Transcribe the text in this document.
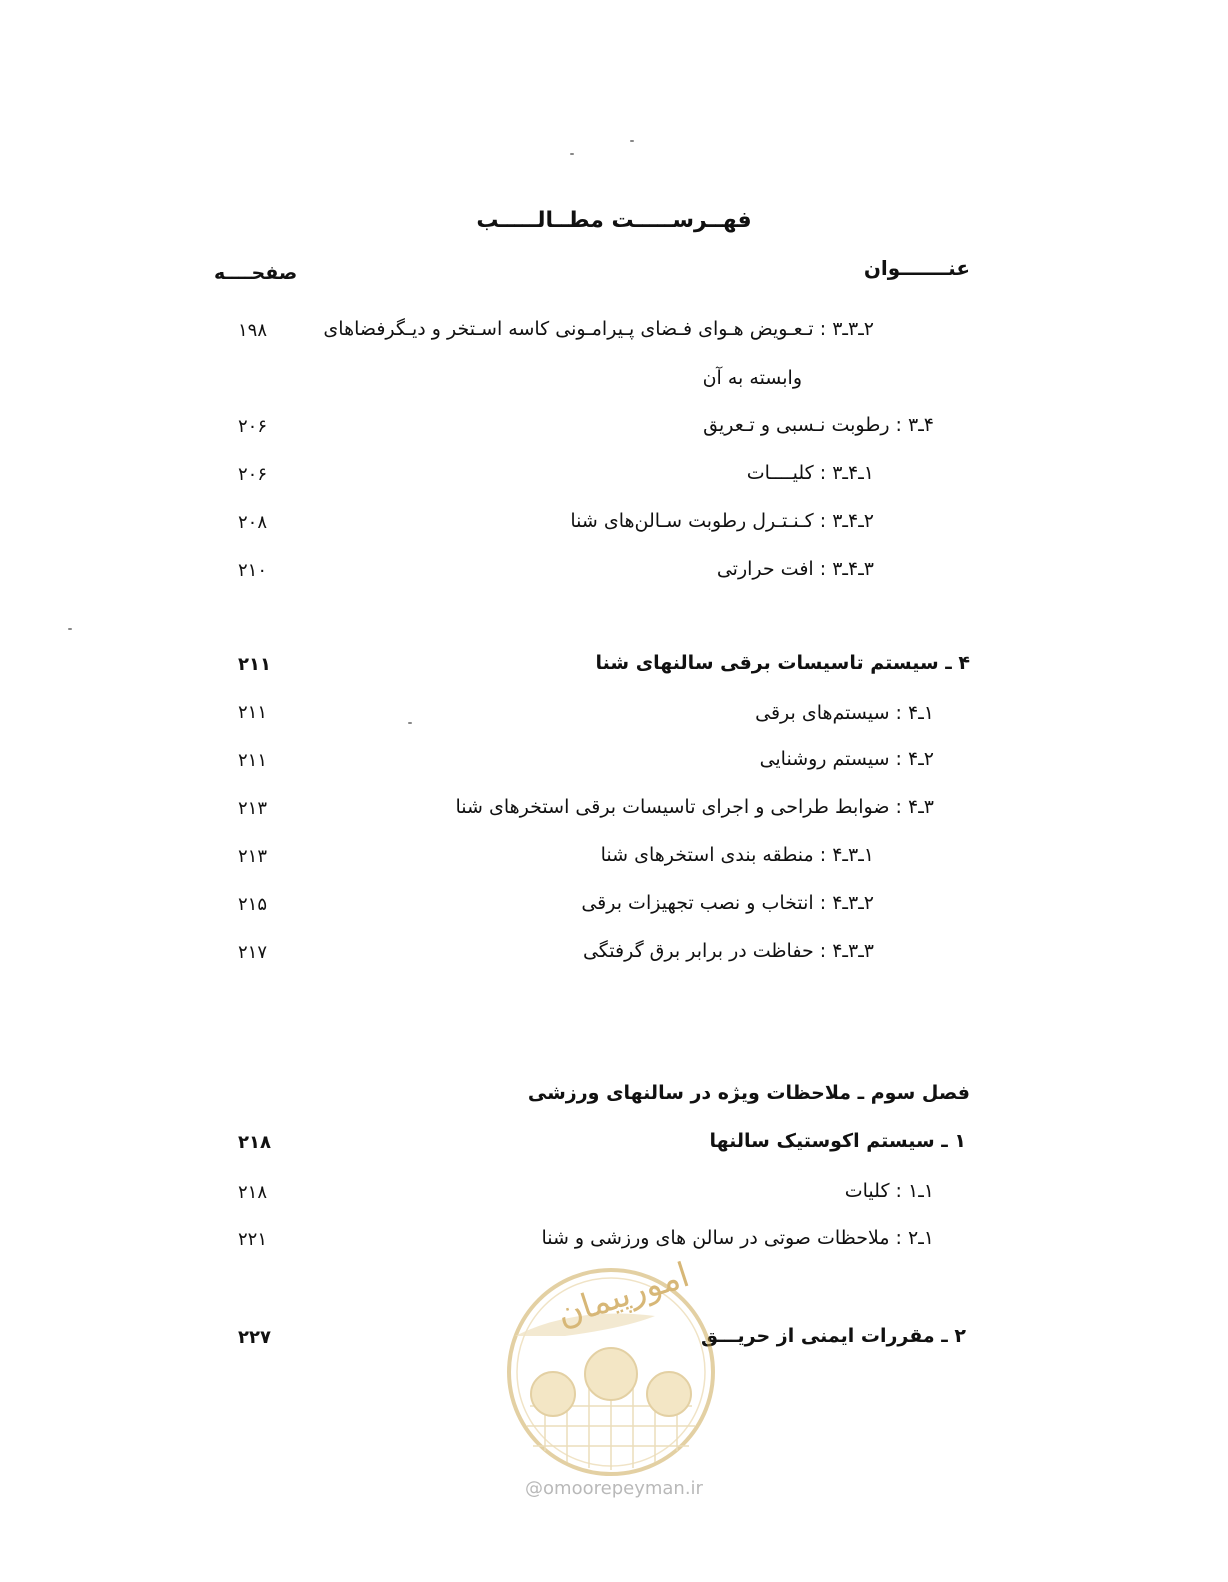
فهــرســـــت مطــالـــــب
عنـــــــوان
صفحــــه
۲ـ۳ـ۳ : تـعـویض هـوای فـضای پـیرامـونی کاسه اسـتخر و دیـگرفضاهای
وابسته به آن
۴ـ۳ : رطوبت نـسبی و تـعریق
۱ـ۴ـ۳ : کلیــــات
۲ـ۴ـ۳ : کـنـتـرل رطوبت سـالن‌های شنا
۳ـ۴ـ۳ : افت حرارتی
۴ ـ سیستم تاسیسات برقی سالنهای شنا
۱ـ۴ : سیستم‌های برقی
۲ـ۴ : سیستم روشنایی
۳ـ۴ : ضوابط طراحی و اجرای تاسیسات برقی استخرهای شنا
۱ـ۳ـ۴ : منطقه بندی استخرهای شنا
۲ـ۳ـ۴ : انتخاب و نصب تجهیزات برقی
۳ـ۳ـ۴ : حفاظت در برابر برق گرفتگی
فصل سوم ـ ملاحظات ویژه در سالنهای ورزشی
۱ ـ سیستم اکوستیک سالنها
۱ـ۱ : کلیات
۱ـ۲ : ملاحظات صوتی در سالن های ورزشی و شنا
۲ ـ مقررات ایمنی از حریـــق
۱۹۸
۲۰۶
۲۰۶
۲۰۸
۲۱۰
۲۱۱
۲۱۱
۲۱۱
۲۱۳
۲۱۳
۲۱۵
۲۱۷
۲۱۸
۲۱۸
۲۲۱
۲۲۷
امورپیمان
@omoorepeyman.ir
